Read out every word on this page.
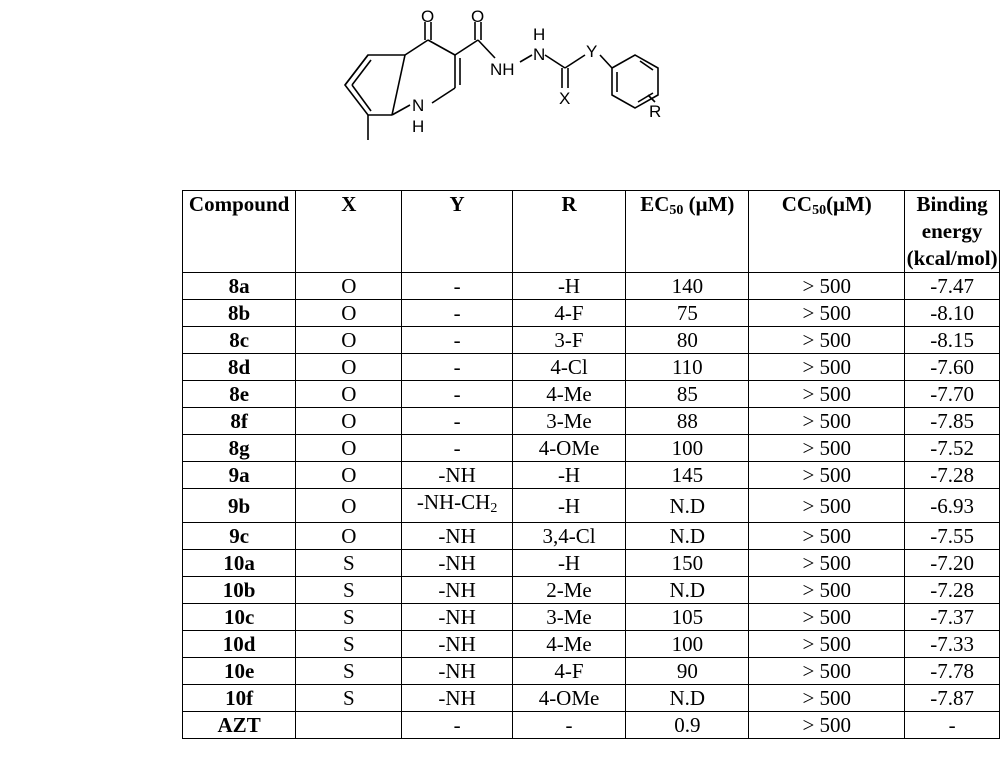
O O
NH
H
N
N
H
X
Y
R
Compound	X	Y	R	$EC_{50}$ (μM)	$CC_{50}(\mu M)$	Binding
energy
(kcal/mol)
8a	O	-	-H	140	> 500	-7.47
8b	O	-	4-F	75	> 500	-8.10
8c	O	-	3-F	80	> 500	-8.15
8d	O	-	4-Cl	110	> 500	-7.60
8e	O	-	4-Me	85	> 500	-7.70
8f	O	-	3-Me	88	> 500	-7.85
8g	O	-	4-OMe	100	> 500	-7.52
9a	O	-NH	-H	145	> 500	-7.28
9b	O	$-NH-CH_2$	-H	N.D	> 500	-6.93
9c	O	-NH	3,4-Cl	N.D	> 500	-7.55
10a	S	-NH	-H	150	> 500	-7.20
10b	S	-NH	2-Me	N.D	> 500	-7.28
10c	S	-NH	3-Me	105	> 500	-7.37
10d	S	-NH	4-Me	100	> 500	-7.33
10e	S	-NH	4-F	90	> 500	-7.78
10f	S	-NH	4-OMe	N.D	> 500	-7.87
AZT		-	-	0.9	> 500	-
